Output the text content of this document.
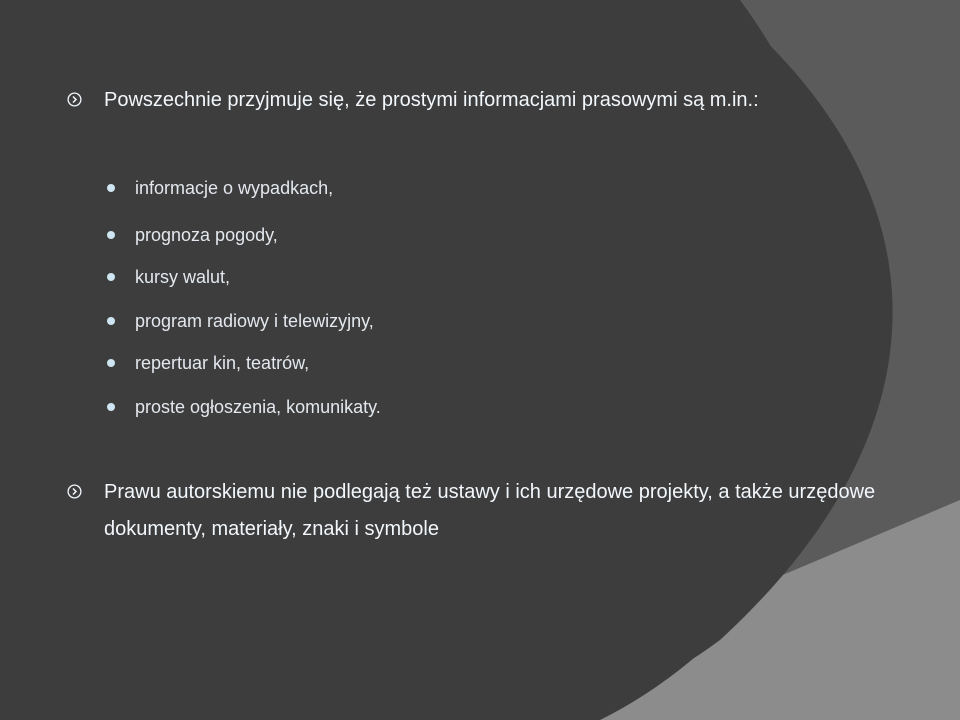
Powszechnie przyjmuje się, że prostymi informacjami prasowymi są m.in.:
informacje o wypadkach,
prognoza pogody,
kursy walut,
program radiowy i telewizyjny,
repertuar kin, teatrów,
proste ogłoszenia, komunikaty.
Prawu autorskiemu nie podlegają też ustawy i ich urzędowe projekty, a także urzędowe dokumenty, materiały, znaki i symbole
